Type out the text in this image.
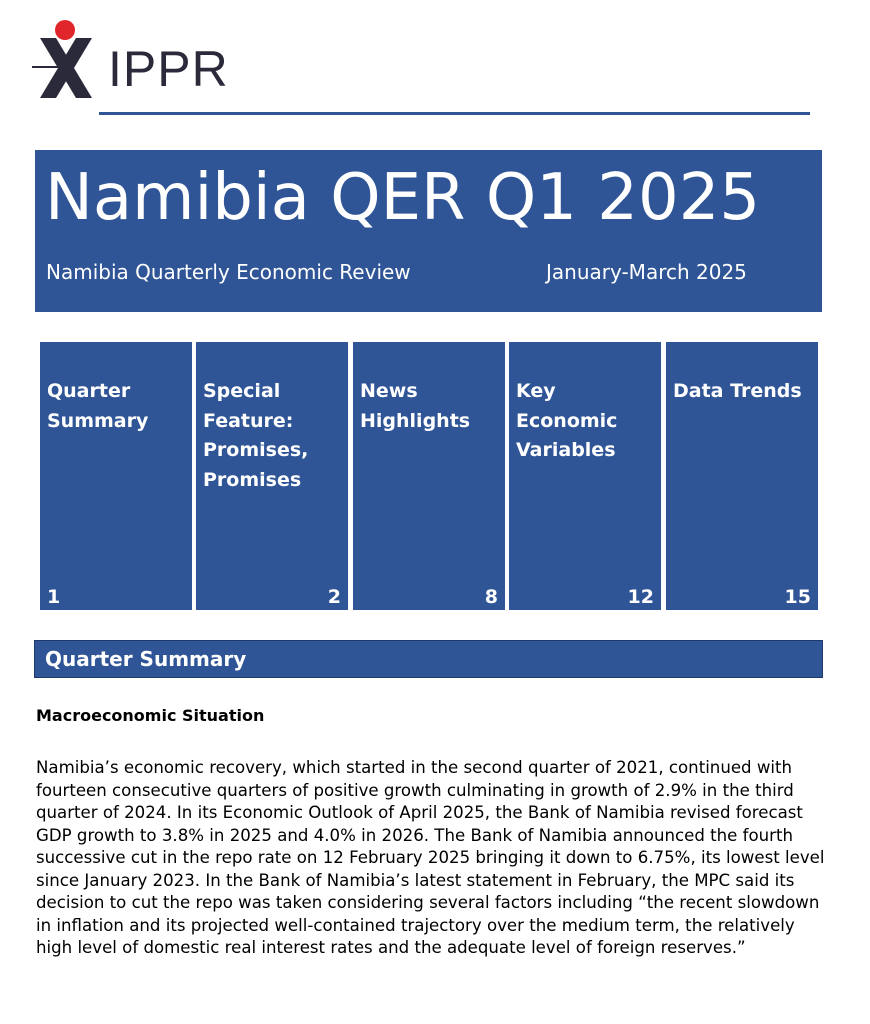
IPPR
Namibia QER Q1 2025
Namibia Quarterly Economic Review	January-March 2025
Quarter Summary
1
Special Feature: Promises, Promises
2
News Highlights
8
Key Economic Variables
12
Data Trends
15
Quarter Summary
Macroeconomic Situation

Namibia’s economic recovery, which started in the second quarter of 2021, continued with fourteen consecutive quarters of positive growth culminating in growth of 2.9% in the third quarter of 2024. In its Economic Outlook of April 2025, the Bank of Namibia revised forecast GDP growth to 3.8% in 2025 and 4.0% in 2026. The Bank of Namibia announced the fourth successive cut in the repo rate on 12 February 2025 bringing it down to 6.75%, its lowest level since January 2023. In the Bank of Namibia’s latest statement in February, the MPC said its decision to cut the repo was taken considering several factors including “the recent slowdown in inflation and its projected well-contained trajectory over the medium term, the relatively high level of domestic real interest rates and the adequate level of foreign reserves.”
